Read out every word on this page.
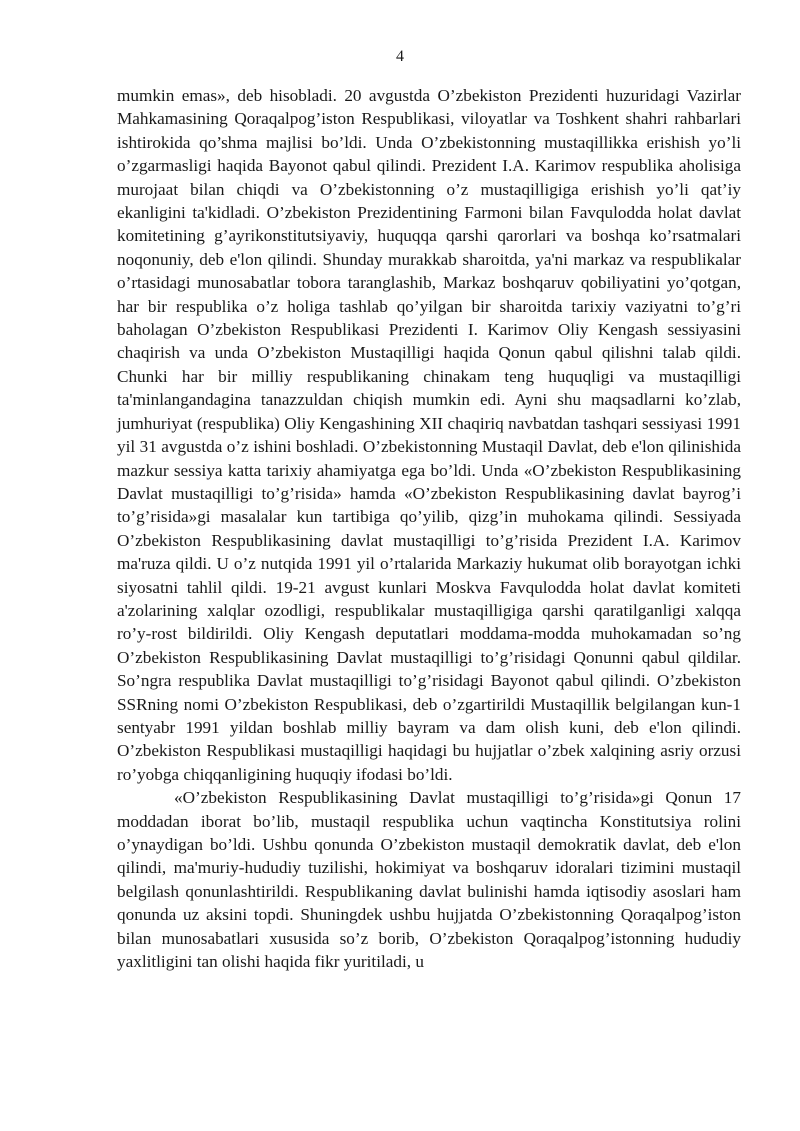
4

mumkin emas», deb hisobladi. 20 avgustda O’zbekiston Prezidenti huzuridagi Vazirlar Mahkamasining Qoraqalpog’iston Respublikasi, viloyatlar va Toshkent shahri rahbarlari ishtirokida qo’shma majlisi bo’ldi. Unda O’zbekistonning mustaqillikka erishish yo’li o’zgarmasligi haqida Bayonot qabul qilindi. Prezident I.A. Karimov respublika aholisiga murojaat bilan chiqdi va O’zbekistonning o’z mustaqilligiga erishish yo’li qat’iy ekanligini ta'kidladi. O’zbekiston Prezidentining Farmoni bilan Favqulodda holat davlat komitetining g’ayrikonstitutsiyaviy, huquqqa qarshi qarorlari va boshqa ko’rsatmalari noqonuniy, deb e'lon qilindi. Shunday murakkab sharoitda, ya'ni markaz va respublikalar o’rtasidagi munosabatlar tobora taranglashib, Markaz boshqaruv qobiliyatini yo’qotgan, har bir respublika o’z holiga tashlab qo’yilgan bir sharoitda tarixiy vaziyatni to’g’ri baholagan O’zbekiston Respublikasi Prezidenti I. Karimov Oliy Kengash sessiyasini chaqirish va unda O’zbekiston Mustaqilligi haqida Qonun qabul qilishni talab qildi. Chunki har bir milliy respublikaning chinakam teng huquqligi va mustaqilligi ta'minlangandagina tanazzuldan chiqish mumkin edi. Ayni shu maqsadlarni ko’zlab, jumhuriyat (respublika) Oliy Kengashining XII chaqiriq navbatdan tashqari sessiyasi 1991 yil 31 avgustda o’z ishini boshladi. O’zbekistonning Mustaqil Davlat, deb e'lon qilinishida mazkur sessiya katta tarixiy ahamiyatga ega bo’ldi. Unda «O’zbekiston Respublikasining Davlat mustaqilligi to’g’risida» hamda «O’zbekiston Respublikasining davlat bayrog’i to’g’risida»gi masalalar kun tartibiga qo’yilib, qizg’in muhokama qilindi. Sessiyada O’zbekiston Respublikasining davlat mustaqilligi to’g’risida Prezident I.A. Karimov ma'ruza qildi. U o’z nutqida 1991 yil o’rtalarida Markaziy hukumat olib borayotgan ichki siyosatni tahlil qildi. 19-21 avgust kunlari Moskva Favqulodda holat davlat komiteti a'zolarining xalqlar ozodligi, respublikalar mustaqilligiga qarshi qaratilganligi xalqqa ro’y-rost bildirildi. Oliy Kengash deputatlari moddama-modda muhokamadan so’ng O’zbekiston Respublikasining Davlat mustaqilligi to’g’risidagi Qonunni qabul qildilar. So’ngra respublika Davlat mustaqilligi to’g’risidagi Bayonot qabul qilindi. O’zbekiston SSRning nomi O’zbekiston Respublikasi, deb o’zgartirildi Mustaqillik belgilangan kun-1 sentyabr 1991 yildan boshlab milliy bayram va dam olish kuni, deb e'lon qilindi. O’zbekiston Respublikasi mustaqilligi haqidagi bu hujjatlar o’zbek xalqining asriy orzusi ro’yobga chiqqanligining huquqiy ifodasi bo’ldi.

«O’zbekiston Respublikasining Davlat mustaqilligi to’g’risida»gi Qonun 17 moddadan iborat bo’lib, mustaqil respublika uchun vaqtincha Konstitutsiya rolini o’ynaydigan bo’ldi. Ushbu qonunda O’zbekiston mustaqil demokratik davlat, deb e'lon qilindi, ma'muriy-hududiy tuzilishi, hokimiyat va boshqaruv idoralari tizimini mustaqil belgilash qonunlashtirildi. Respublikaning davlat bulinishi hamda iqtisodiy asoslari ham qonunda uz aksini topdi. Shuningdek ushbu hujjatda O’zbekistonning Qoraqalpog’iston bilan munosabatlari xususida so’z borib, O’zbekiston Qoraqalpog’istonning hududiy yaxlitligini tan olishi haqida fikr yuritiladi, u
